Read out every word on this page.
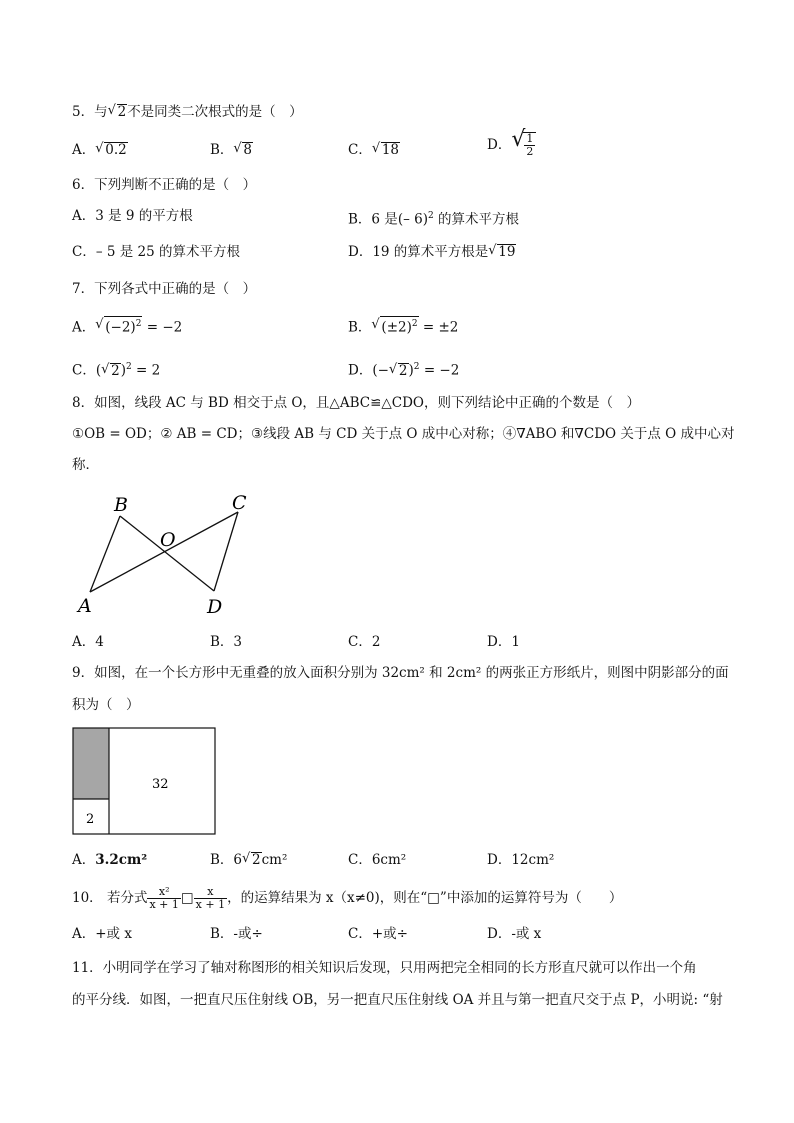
5．与 √ 2不是同类二次根式的是（　）
A． √ 0.2	B． √ 8	C． √ 18	D． √
$\frac{1}{2}$
6．下列判断不正确的是（　）
A．3 是 9 的平方根	B．6 是(– 6)$^2$ 的算术平方根
C．– 5 是 25 的算术平方根	D．19 的算术平方根是 √ 19
7．下列各式中正确的是（　）
A． √ $(-2)^2 = -2$	B． √ $(\pm 2)^2 = \pm 2$
C．( √ 2)$^2$ = 2	D．(− √ 2)$^2$ = −2
8．如图，线段 AC 与 BD 相交于点 O，且△ABC≌△CDO，则下列结论中正确的个数是（　）
①OB = OD；② AB = CD；③线段 AB 与 CD 关于点 O 成中心对称；④∇ABO 和∇CDO 关于点 O 成中心对
称．
B	C
O
A	D
A．4	B．3	C．2	D．1
9．如图，在一个长方形中无重叠的放入面积分别为 32cm² 和 2cm² 的两张正方形纸片，则图中阴影部分的面
积为（　）
32
2
A．3.2cm²	B．6 √ 2cm²	C．6cm²	D．12cm²
10． 若分式 $\frac{\text{x²}}{x + 1}$ □ $\frac{x}{x + 1}$ ，的运算结果为 x（x≠0)，则在“□”中添加的运算符号为（　　）
A．+或 x	B．-或÷	C．+或÷	D．-或 x
11．小明同学在学习了轴对称图形的相关知识后发现，只用两把完全相同的长方形直尺就可以作出一个角
的平分线．如图，一把直尺压住射线 OB，另一把直尺压住射线 OA 并且与第一把直尺交于点 P，小明说: “射
